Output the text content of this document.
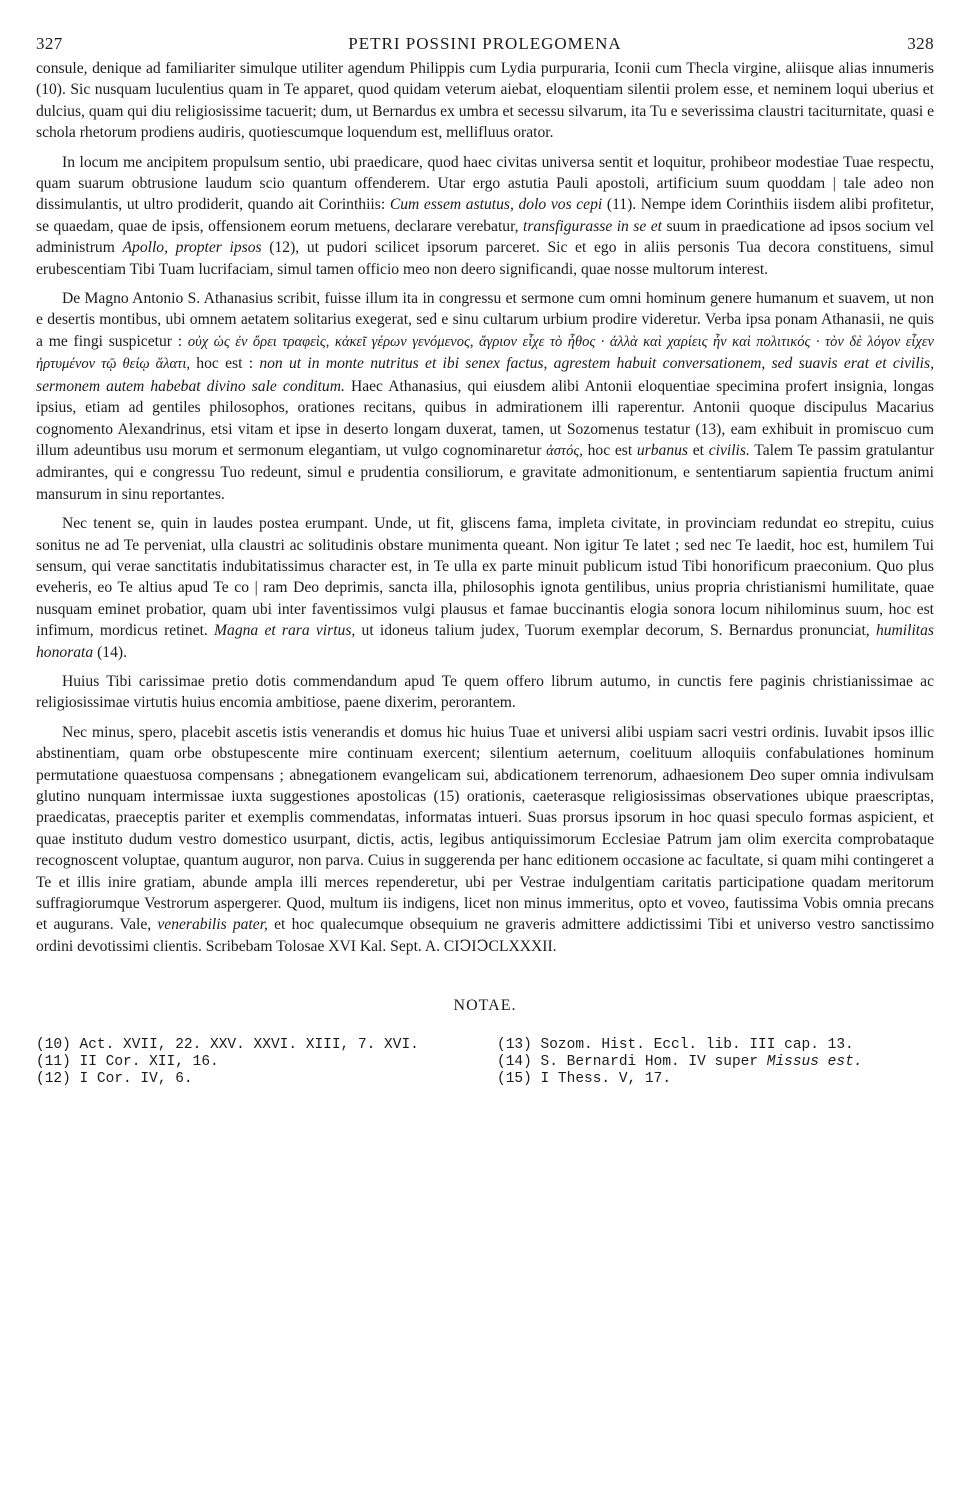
327	PETRI POSSINI PROLEGOMENA	328

consule, denique ad familiariter simulque utiliter agendum Philippis cum Lydia purpuraria, Iconii cum Thecla virgine, aliisque alias innumeris (10). Sic nusquam luculentius quam in Te apparet, quod quidam veterum aiebat, eloquentiam silentii prolem esse, et neminem loqui uberius et dulcius, quam qui diu religiosissime tacuerit; dum, ut Bernardus ex umbra et secessu silvarum, ita Tu e severissima claustri taciturnitate, quasi e schola rhetorum prodiens audiris, quotiescumque loquendum est, mellifluus orator.

In locum me ancipitem propulsum sentio, ubi praedicare, quod haec civitas universa sentit et loquitur, prohibeor modestiae Tuae respectu, quam suarum obtrusione laudum scio quantum offenderem. Utar ergo astutia Pauli apostoli, artificium suum quoddam | tale adeo non dissimulantis, ut ultro prodiderit, quando ait Corinthiis: Cum essem astutus, dolo vos cepi (11). Nempe idem Corinthiis iisdem alibi profitetur, se quaedam, quae de ipsis, offensionem eorum metuens, declarare verebatur, transfigurasse in se et suum in praedicatione ad ipsos socium vel administrum Apollo, propter ipsos (12), ut pudori scilicet ipsorum parceret. Sic et ego in aliis personis Tua decora constituens, simul erubescentiam Tibi Tuam lucrifaciam, simul tamen officio meo non deero significandi, quae nosse multorum interest.

De Magno Antonio S. Athanasius scribit, fuisse illum ita in congressu et sermone cum omni hominum genere humanum et suavem, ut non e desertis montibus, ubi omnem aetatem solitarius exegerat, sed e sinu cultarum urbium prodire videretur. Verba ipsa ponam Athanasii, ne quis a me fingi suspicetur : οὐχ ὡς ἐν ὄρει τραφεὶς, κἀκεῖ γέρων γενόμενος, ἄγριον εἶχε τὸ ἦθος · ἀλλὰ καὶ χαρίεις ἦν καὶ πολιτικός · τὸν δὲ λόγον εἶχεν ἠρτυμένον τῷ θείῳ ἅλατι, hoc est : non ut in monte nutritus et ibi senex factus, agrestem habuit conversationem, sed suavis erat et civilis, sermonem autem habebat divino sale conditum. Haec Athanasius, qui eiusdem alibi Antonii eloquentiae specimina profert insignia, longas ipsius, etiam ad gentiles philosophos, orationes recitans, quibus in admirationem illi raperentur. Antonii quoque discipulus Macarius cognomento Alexandrinus, etsi vitam et ipse in deserto longam duxerat, tamen, ut Sozomenus testatur (13), eam exhibuit in promiscuo cum illum adeuntibus usu morum et sermonum elegantiam, ut vulgo cognominaretur ἀστός, hoc est urbanus et civilis. Talem Te passim gratulantur admirantes, qui e congressu Tuo redeunt, simul e prudentia consiliorum, e gravitate admonitionum, e sententiarum sapientia fructum animi mansurum in sinu reportantes.

Nec tenent se, quin in laudes postea erumpant. Unde, ut fit, gliscens fama, impleta civitate, in provinciam redundat eo strepitu, cuius sonitus ne ad Te perveniat, ulla claustri ac solitudinis obstare munimenta queant. Non igitur Te latet ; sed nec Te laedit, hoc est, humilem Tui sensum, qui verae sanctitatis indubitatissimus character est, in Te ulla ex parte minuit publicum istud Tibi honorificum praeconium. Quo plus eveheris, eo Te altius apud Te co | ram Deo deprimis, sancta illa, philosophis ignota gentilibus, unius propria christianismi humilitate, quae nusquam eminet probatior, quam ubi inter faventissimos vulgi plausus et famae buccinantis elogia sonora locum nihilominus suum, hoc est infimum, mordicus retinet. Magna et rara virtus, ut idoneus talium judex, Tuorum exemplar decorum, S. Bernardus pronunciat, humilitas honorata (14).

Huius Tibi carissimae pretio dotis commendandum apud Te quem offero librum autumo, in cunctis fere paginis christianissimae ac religiosissimae virtutis huius encomia ambitiose, paene dixerim, perorantem.

Nec minus, spero, placebit ascetis istis venerandis et domus hic huius Tuae et universi alibi uspiam sacri vestri ordinis. Iuvabit ipsos illic abstinentiam, quam orbe obstupescente mire continuam exercent; silentium aeternum, coelituum alloquiis confabulationes hominum permutatione quaestuosa compensans ; abnegationem evangelicam sui, abdicationem terrenorum, adhaesionem Deo super omnia indivulsam glutino nunquam intermissae iuxta suggestiones apostolicas (15) orationis, caeterasque religiosissimas observationes ubique praescriptas, praedicatas, praeceptis pariter et exemplis commendatas, informatas intueri. Suas prorsus ipsorum in hoc quasi speculo formas aspicient, et quae instituto dudum vestro domestico usurpant, dictis, actis, legibus antiquissimorum Ecclesiae Patrum jam olim exercita comprobataque recognoscent voluptae, quantum auguror, non parva. Cuius in suggerenda per hanc editionem occasione ac facultate, si quam mihi contingeret a Te et illis inire gratiam, abunde ampla illi merces rependeretur, ubi per Vestrae indulgentiam caritatis participatione quadam meritorum suffragiorumque Vestrorum aspergerer. Quod, multum iis indigens, licet non minus immeritus, opto et voveo, fautissima Vobis omnia precans et augurans. Vale, venerabilis pater, et hoc qualecumque obsequium ne graveris admittere addictissimi Tibi et universo vestro sanctissimo ordini devotissimi clientis. Scribebam Tolosae XVI Kal. Sept. A. CIↃIↃCLXXXII.

NOTAE.
(10) Act. XVII, 22. XXV. XXVI. XIII, 7. XVI.
(11) II Cor. XII, 16.
(12) I Cor. IV, 6.
(13) Sozom. Hist. Eccl. lib. III cap. 13.
(14) S. Bernardi Hom. IV super Missus est.
(15) I Thess. V, 17.
